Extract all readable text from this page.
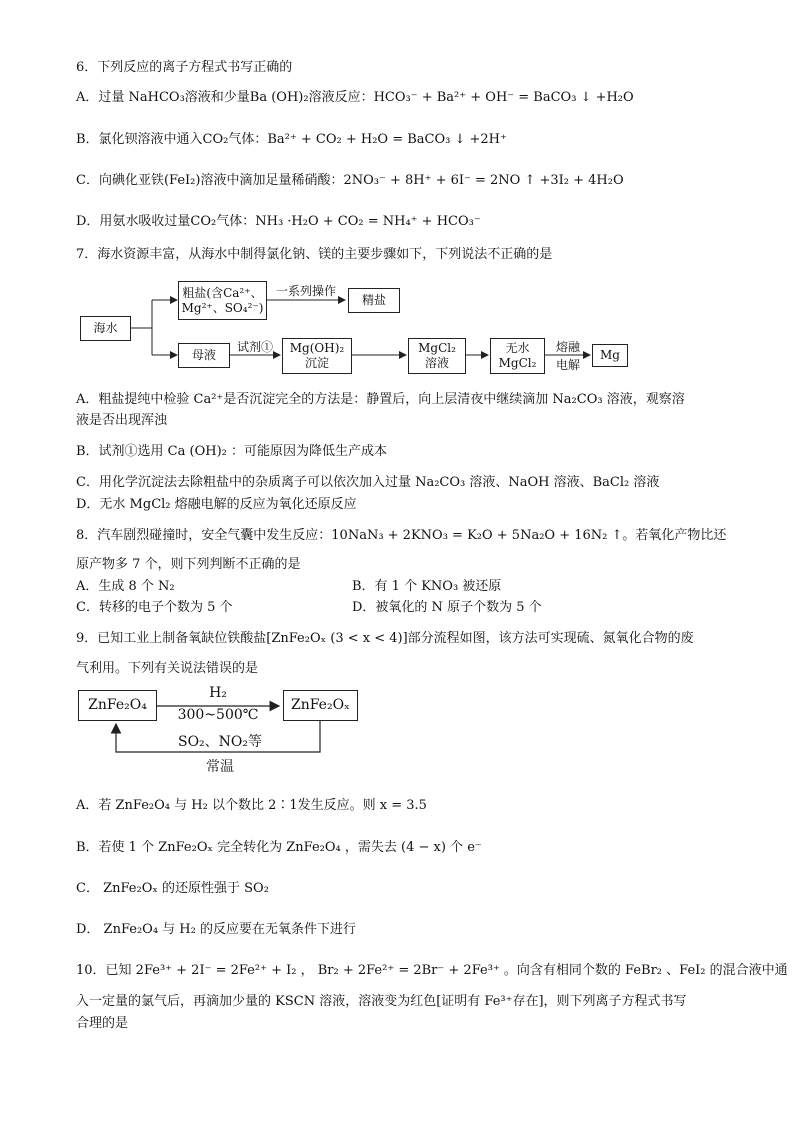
6．下列反应的离子方程式书写正确的
A．过量 NaHCO₃溶液和少量Ba (OH)₂溶液反应：HCO₃⁻ + Ba²⁺ + OH⁻ = BaCO₃ ↓ +H₂O
B．氯化钡溶液中通入CO₂气体：Ba²⁺ + CO₂ + H₂O = BaCO₃ ↓ +2H⁺
C．向碘化亚铁(FeI₂)溶液中滴加足量稀硝酸：2NO₃⁻ + 8H⁺ + 6I⁻ = 2NO ↑ +3I₂ + 4H₂O
D．用氨水吸收过量CO₂气体：NH₃ ·H₂O + CO₂ = NH₄⁺ + HCO₃⁻
7．海水资源丰富，从海水中制得氯化钠、镁的主要步骤如下，下列说法不正确的是
海水
粗盐(含Ca²⁺、
Mg²⁺、SO₄²⁻)
一系列操作
精盐
母液
试剂①	Mg(OH)₂
沉淀
MgCl₂
溶液
无水
MgCl₂
熔融
电解
Mg
A．粗盐提纯中检验 Ca²⁺是否沉淀完全的方法是：静置后，向上层清夜中继续滴加 Na₂CO₃ 溶液，观察溶
液是否出现浑浊
B．试剂①选用 Ca (OH)₂ ：可能原因为降低生产成本
C．用化学沉淀法去除粗盐中的杂质离子可以依次加入过量 Na₂CO₃ 溶液、NaOH 溶液、BaCl₂ 溶液
D．无水 MgCl₂ 熔融电解的反应为氧化还原反应
8．汽车剧烈碰撞时，安全气囊中发生反应：10NaN₃ + 2KNO₃ = K₂O + 5Na₂O + 16N₂ ↑。若氧化产物比还
原产物多 7 个，则下列判断不正确的是
A．生成 8 个 N₂	B．有 1 个 KNO₃ 被还原
C．转移的电子个数为 5 个	D．被氧化的 N 原子个数为 5 个
9．已知工业上制备氧缺位铁酸盐[ZnFe₂Oₓ (3 < x < 4)]部分流程如图，该方法可实现硫、氮氧化合物的废
气利用。下列有关说法错误的是
ZnFe₂O₄	ZnFe₂Oₓ
H₂
300~500℃
SO₂、NO₂等
常温
A．若 ZnFe₂O₄ 与 H₂ 以个数比 2∶1发生反应。则 x = 3.5
B．若使 1 个 ZnFe₂Oₓ 完全转化为 ZnFe₂O₄ ，需失去 (4 − x) 个 e⁻
C． ZnFe₂Oₓ 的还原性强于 SO₂
D． ZnFe₂O₄ 与 H₂ 的反应要在无氧条件下进行
10．已知 2Fe³⁺ + 2I⁻ = 2Fe²⁺ + I₂ ， Br₂ + 2Fe²⁺ = 2Br⁻ + 2Fe³⁺ 。向含有相同个数的 FeBr₂ 、FeI₂ 的混合液中通
入一定量的氯气后，再滴加少量的 KSCN 溶液，溶液变为红色[证明有 Fe³⁺存在]，则下列离子方程式书写
合理的是
